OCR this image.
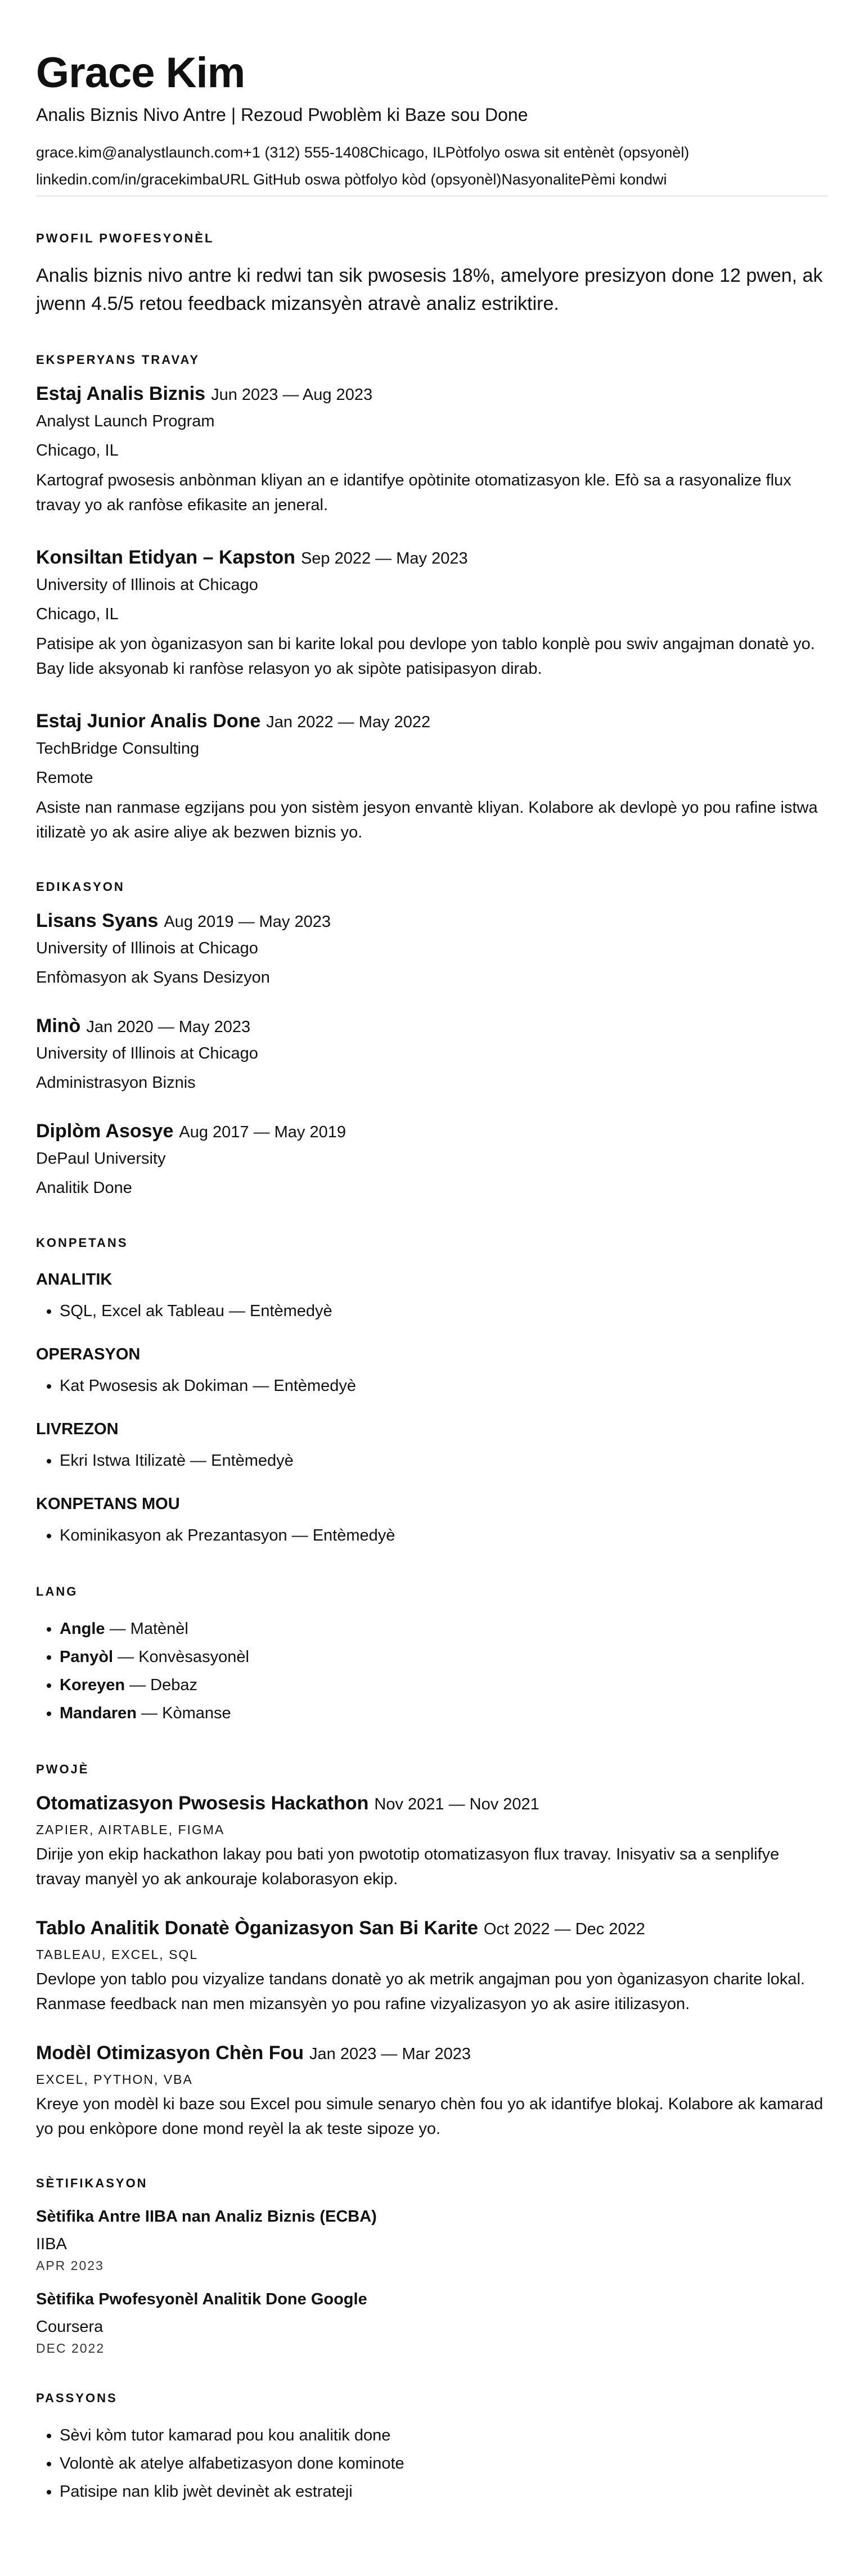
Grace Kim
Analis Biznis Nivo Antre | Rezoud Pwoblèm ki Baze sou Done
grace.kim@analystlaunch.com+1 (312) 555-1408Chicago, ILPòtfolyo oswa sit entènèt (opsyonèl)
linkedin.com/in/gracekimbaURL GitHub oswa pòtfolyo kòd (opsyonèl)NasyonalitePèmi kondwi
PWOFIL PWOFESYONÈL
Analis biznis nivo antre ki redwi tan sik pwosesis 18%, amelyore presizyon done 12 pwen, ak jwenn 4.5/5 retou feedback mizansyèn atravè analiz estriktire.
EKSPERYANS TRAVAY
Estaj Analis Biznis Jun 2023 — Aug 2023
Analyst Launch Program
Chicago, IL
Kartograf pwosesis anbònman kliyan an e idantifye opòtinite otomatizasyon kle. Efò sa a rasyonalize flux travay yo ak ranfòse efikasite an jeneral.
Konsiltan Etidyan – Kapston Sep 2022 — May 2023
University of Illinois at Chicago
Chicago, IL
Patisipe ak yon òganizasyon san bi karite lokal pou devlope yon tablo konplè pou swiv angajman donatè yo. Bay lide aksyonab ki ranfòse relasyon yo ak sipòte patisipasyon dirab.
Estaj Junior Analis Done Jan 2022 — May 2022
TechBridge Consulting
Remote
Asiste nan ranmase egzijans pou yon sistèm jesyon envantè kliyan. Kolabore ak devlopè yo pou rafine istwa itilizatè yo ak asire aliye ak bezwen biznis yo.
EDIKASYON
Lisans Syans Aug 2019 — May 2023
University of Illinois at Chicago
Enfòmasyon ak Syans Desizyon
Minò Jan 2020 — May 2023
University of Illinois at Chicago
Administrasyon Biznis
Diplòm Asosye Aug 2017 — May 2019
DePaul University
Analitik Done
KONPETANS
ANALITIK
• SQL, Excel ak Tableau — Entèmedyè
OPERASYON
• Kat Pwosesis ak Dokiman — Entèmedyè
LIVREZON
• Ekri Istwa Itilizatè — Entèmedyè
KONPETANS MOU
• Kominikasyon ak Prezantasyon — Entèmedyè
LANG
• Angle — Matènèl
• Panyòl — Konvèsasyonèl
• Koreyen — Debaz
• Mandaren — Kòmanse
PWOJÈ
Otomatizasyon Pwosesis Hackathon Nov 2021 — Nov 2021
ZAPIER, AIRTABLE, FIGMA
Dirije yon ekip hackathon lakay pou bati yon pwototip otomatizasyon flux travay. Inisyativ sa a senplifye travay manyèl yo ak ankouraje kolaborasyon ekip.
Tablo Analitik Donatè Òganizasyon San Bi Karite Oct 2022 — Dec 2022
TABLEAU, EXCEL, SQL
Devlope yon tablo pou vizyalize tandans donatè yo ak metrik angajman pou yon òganizasyon charite lokal. Ranmase feedback nan men mizansyèn yo pou rafine vizyalizasyon yo ak asire itilizasyon.
Modèl Otimizasyon Chèn Fou Jan 2023 — Mar 2023
EXCEL, PYTHON, VBA
Kreye yon modèl ki baze sou Excel pou simule senaryo chèn fou yo ak idantifye blokaj. Kolabore ak kamarad yo pou enkòpore done mond reyèl la ak teste sipoze yo.
SÈTIFIKASYON
Sètifika Antre IIBA nan Analiz Biznis (ECBA)
IIBA
APR 2023
Sètifika Pwofesyonèl Analitik Done Google
Coursera
DEC 2022
PASSYONS
• Sèvi kòm tutor kamarad pou kou analitik done
• Volontè ak atelye alfabetizasyon done kominote
• Patisipe nan klib jwèt devinèt ak estrateji
